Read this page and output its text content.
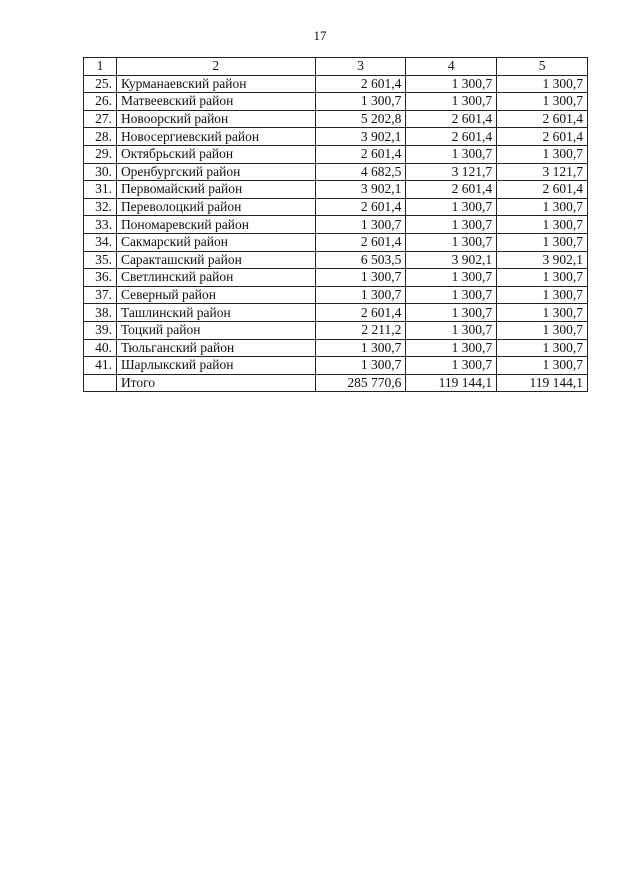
17
1	2	3	4	5
25.	Курманаевский район	2 601,4	1 300,7	1 300,7
26.	Матвеевский район	1 300,7	1 300,7	1 300,7
27.	Новоорский район	5 202,8	2 601,4	2 601,4
28.	Новосергиевский район	3 902,1	2 601,4	2 601,4
29.	Октябрьский район	2 601,4	1 300,7	1 300,7
30.	Оренбургский район	4 682,5	3 121,7	3 121,7
31.	Первомайский район	3 902,1	2 601,4	2 601,4
32.	Переволоцкий район	2 601,4	1 300,7	1 300,7
33.	Пономаревский район	1 300,7	1 300,7	1 300,7
34.	Сакмарский район	2 601,4	1 300,7	1 300,7
35.	Саракташский район	6 503,5	3 902,1	3 902,1
36.	Светлинский район	1 300,7	1 300,7	1 300,7
37.	Северный район	1 300,7	1 300,7	1 300,7
38.	Ташлинский район	2 601,4	1 300,7	1 300,7
39.	Тоцкий район	2 211,2	1 300,7	1 300,7
40.	Тюльганский район	1 300,7	1 300,7	1 300,7
41.	Шарлыкский район	1 300,7	1 300,7	1 300,7
	Итого	285 770,6	119 144,1	119 144,1
